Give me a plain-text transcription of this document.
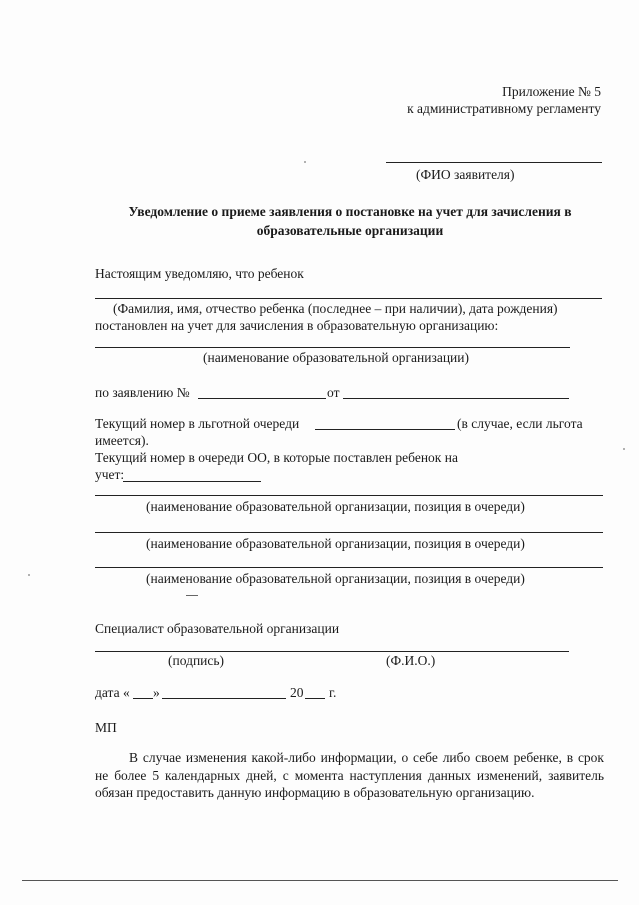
Приложение № 5
к административному регламенту
(ФИО заявителя)
Уведомление о приеме заявления о постановке на учет для зачисления в
образовательные организации
Настоящим уведомляю, что ребенок
(Фамилия, имя, отчество ребенка (последнее – при наличии), дата рождения)
постановлен на учет для зачисления в образовательную организацию:
(наименование образовательной организации)
по заявлению №	от
Текущий номер в льготной очереди	(в случае, если льгота
имеется).
Текущий номер в очереди ОО, в которые поставлен ребенок на
учет:
(наименование образовательной организации, позиция в очереди)
(наименование образовательной организации, позиция в очереди)
(наименование образовательной организации, позиция в очереди)
Специалист образовательной организации
(подпись)	(Ф.И.О.)
дата « »	20 г.
МП
В случае изменения какой-либо информации, о себе либо своем ребенке, в срок не более 5 календарных дней, с момента наступления данных изменений, заявитель обязан предоставить данную информацию в образовательную организацию.
